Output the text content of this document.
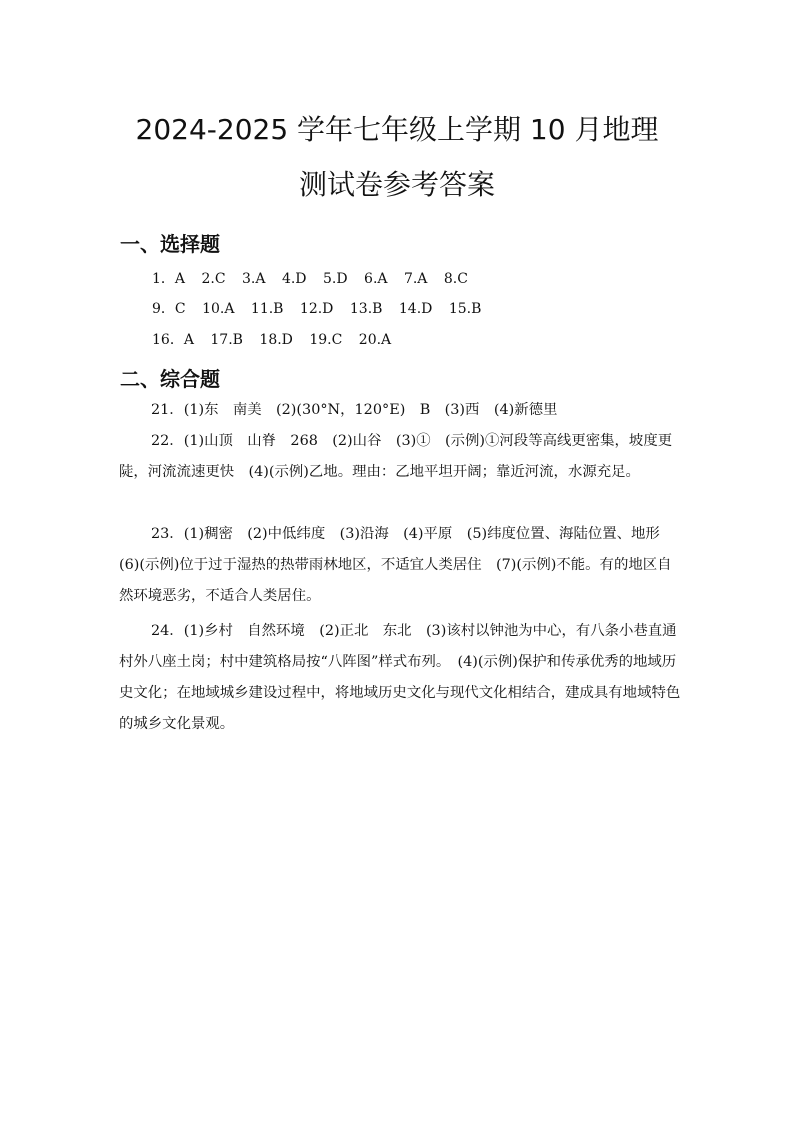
2024-2025 学年七年级上学期 10 月地理
测试卷参考答案
一、选择题
1．A 2.C 3.A 4.D 5.D 6.A 7.A 8.C
9．C 10.A 11.B 12.D 13.B 14.D 15.B
16．A 17.B 18.D 19.C 20.A
二、综合题
21．(1)东　南美　(2)(30°N，120°E)　B　(3)西　(4)新德里
22．(1)山顶　山脊　268　(2)山谷　(3)①　(示例)①河段等高线更密集，坡度更陡，河流流速更快　(4)(示例)乙地。理由：乙地平坦开阔；靠近河流，水源充足。
23．(1)稠密　(2)中低纬度　(3)沿海　(4)平原　(5)纬度位置、海陆位置、地形　(6)(示例)位于过于湿热的热带雨林地区，不适宜人类居住　(7)(示例)不能。有的地区自然环境恶劣，不适合人类居住。
24．(1)乡村　自然环境　(2)正北　东北　(3)该村以钟池为中心，有八条小巷直通村外八座土岗；村中建筑格局按“八阵图”样式布列。　(4)(示例)保护和传承优秀的地域历史文化；在地域城乡建设过程中，将地域历史文化与现代文化相结合，建成具有地域特色的城乡文化景观。
